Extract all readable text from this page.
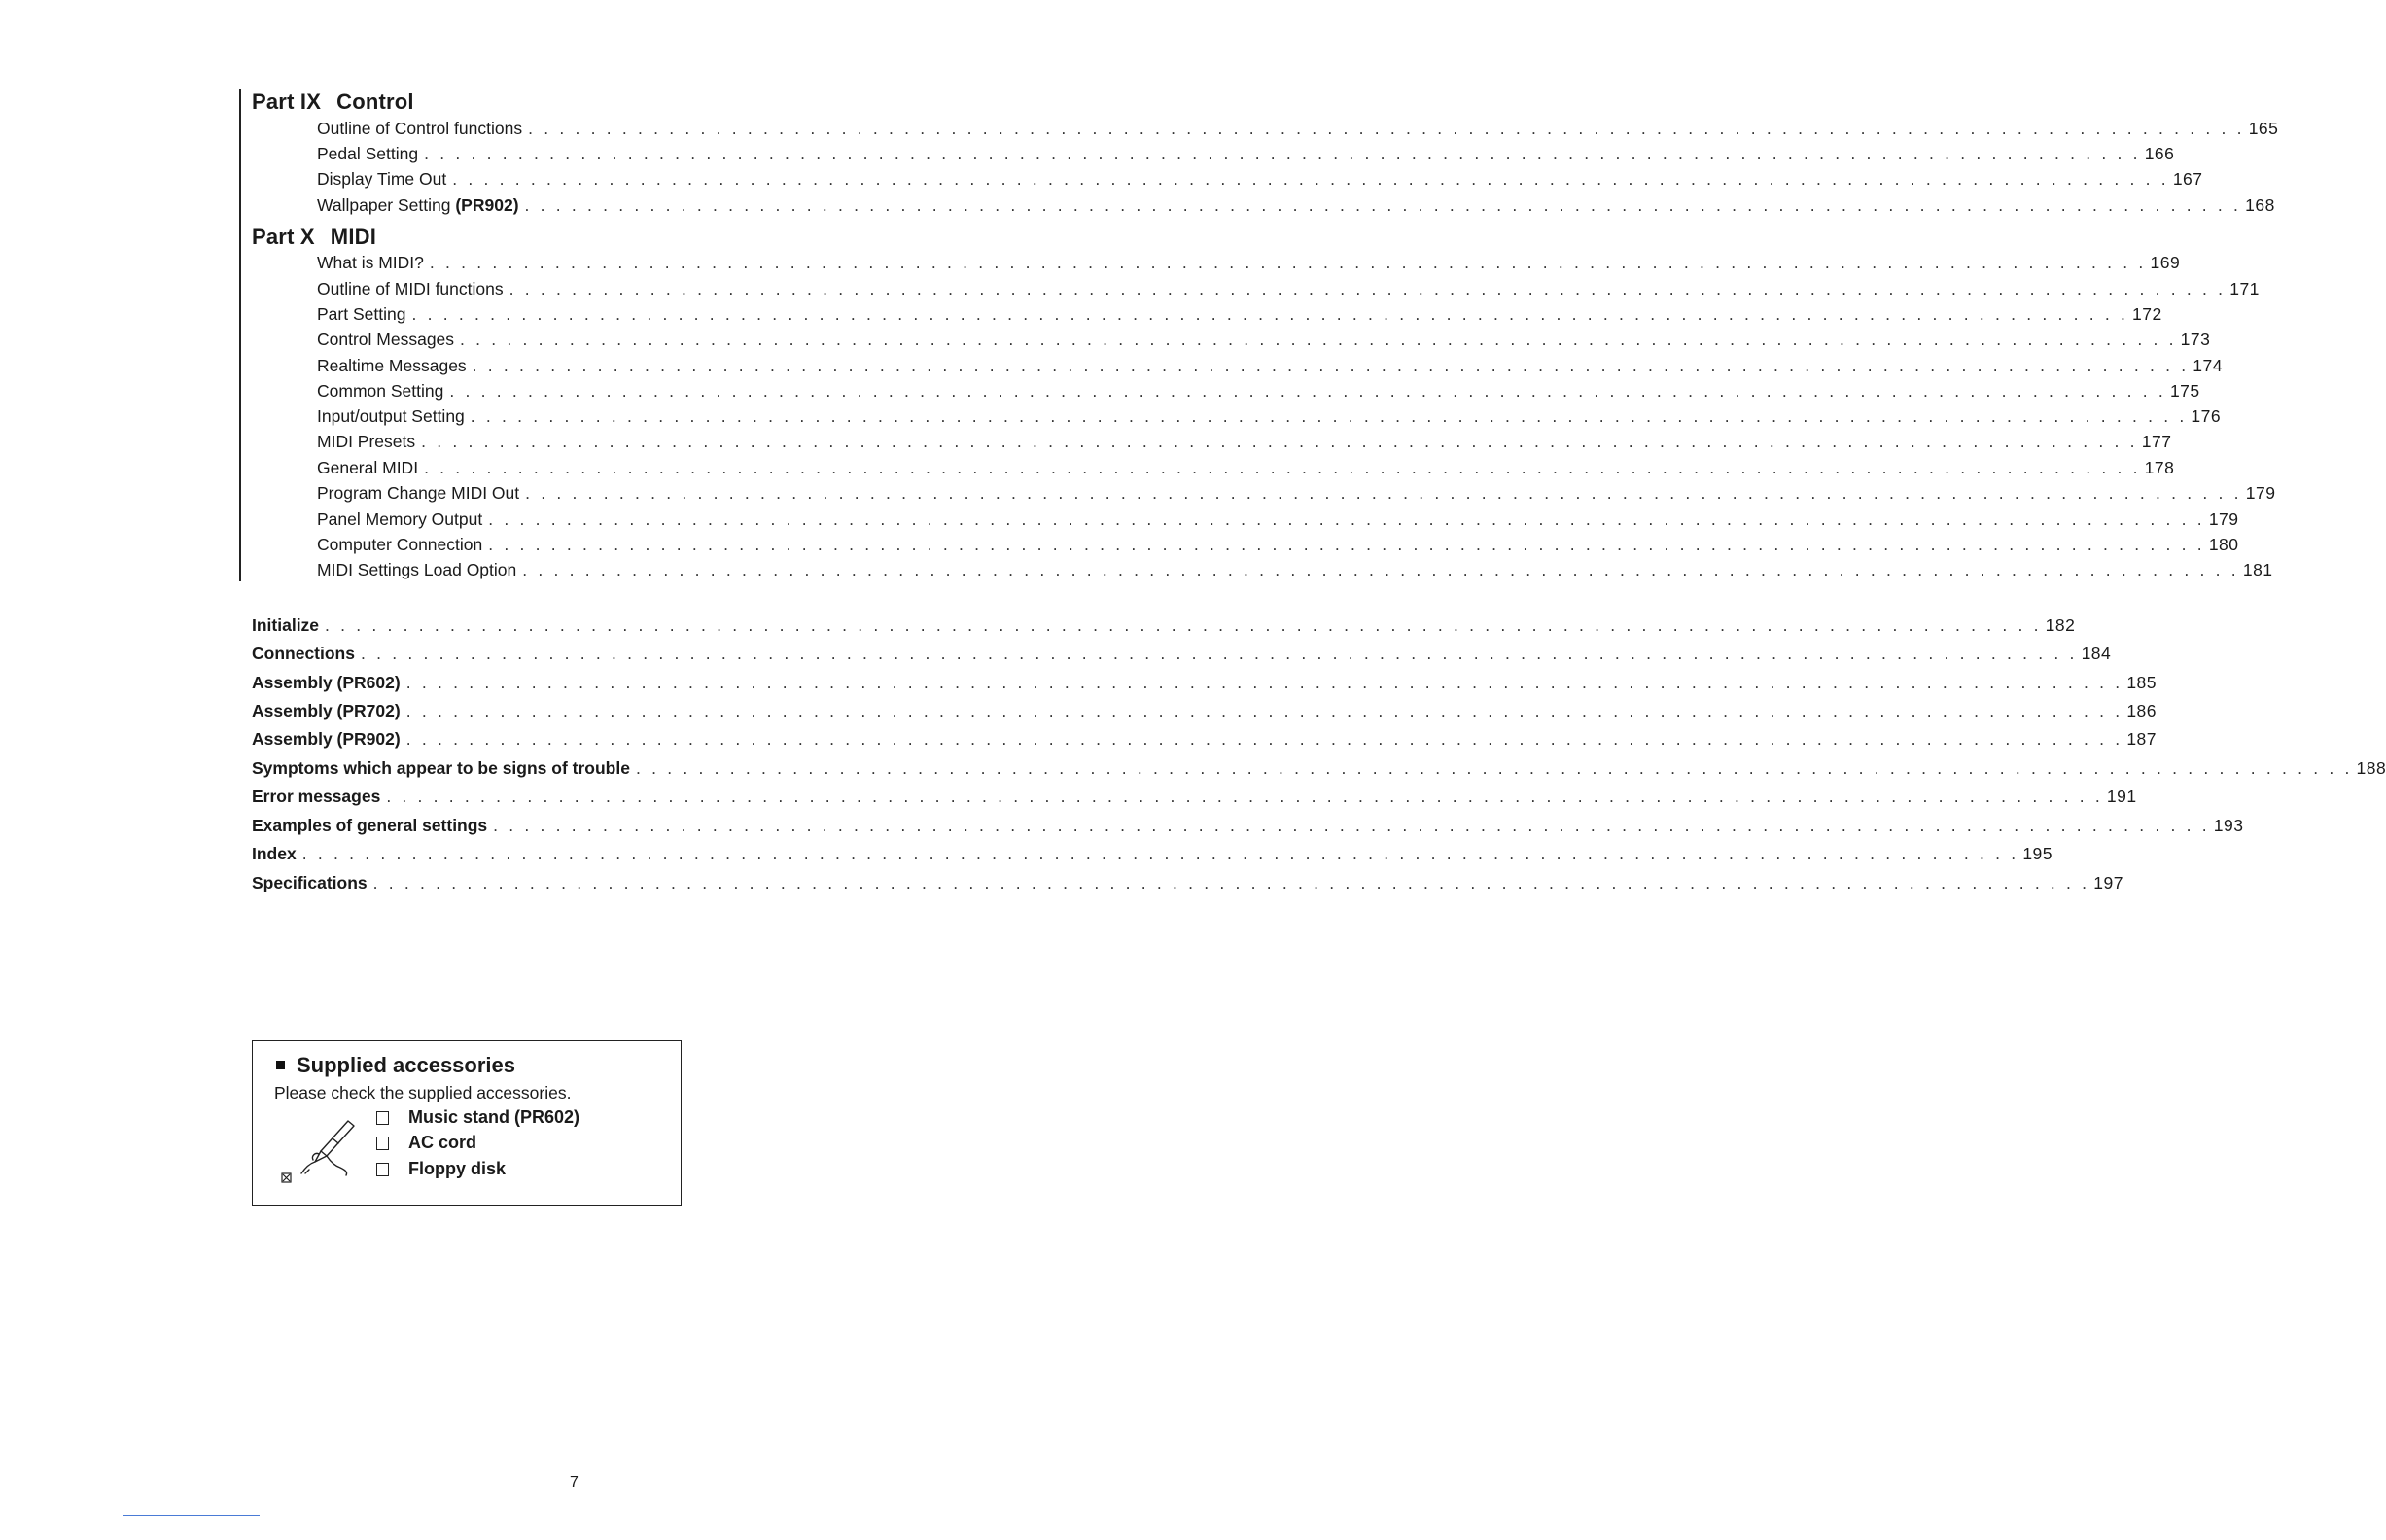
Part IX Control
Outline of Control functions . . . . . . . . . . . . . . . . . . . . . . . . . . . . . . . . . . . . . . . . . . . . . . . . . . . . . . . . . . . . . . . . . . . . . . . . . . . . . . . . . . . . . . . . . . . . . . . . . . . . . . . . . . . . . . 165
Pedal Setting . . . . . . . . . . . . . . . . . . . . . . . . . . . . . . . . . . . . . . . . . . . . . . . . . . . . . . . . . . . . . . . . . . . . . . . . . . . . . . . . . . . . . . . . . . . . . . . . . . . . . . . . . . . . . . 166
Display Time Out . . . . . . . . . . . . . . . . . . . . . . . . . . . . . . . . . . . . . . . . . . . . . . . . . . . . . . . . . . . . . . . . . . . . . . . . . . . . . . . . . . . . . . . . . . . . . . . . . . . . . . . . . . . . . . 167
Wallpaper Setting (PR902) . . . . . . . . . . . . . . . . . . . . . . . . . . . . . . . . . . . . . . . . . . . . . . . . . . . . . . . . . . . . . . . . . . . . . . . . . . . . . . . . . . . . . . . . . . . . . . . . . . . . . . . . . . . . . . 168
Part X MIDI
What is MIDI? . . . . . . . . . . . . . . . . . . . . . . . . . . . . . . . . . . . . . . . . . . . . . . . . . . . . . . . . . . . . . . . . . . . . . . . . . . . . . . . . . . . . . . . . . . . . . . . . . . . . . . . . . . . . . . 169
Outline of MIDI functions . . . . . . . . . . . . . . . . . . . . . . . . . . . . . . . . . . . . . . . . . . . . . . . . . . . . . . . . . . . . . . . . . . . . . . . . . . . . . . . . . . . . . . . . . . . . . . . . . . . . . . . . . . . . . . 171
Part Setting . . . . . . . . . . . . . . . . . . . . . . . . . . . . . . . . . . . . . . . . . . . . . . . . . . . . . . . . . . . . . . . . . . . . . . . . . . . . . . . . . . . . . . . . . . . . . . . . . . . . . . . . . . . . . . 172
Control Messages . . . . . . . . . . . . . . . . . . . . . . . . . . . . . . . . . . . . . . . . . . . . . . . . . . . . . . . . . . . . . . . . . . . . . . . . . . . . . . . . . . . . . . . . . . . . . . . . . . . . . . . . . . . . . . 173
Realtime Messages . . . . . . . . . . . . . . . . . . . . . . . . . . . . . . . . . . . . . . . . . . . . . . . . . . . . . . . . . . . . . . . . . . . . . . . . . . . . . . . . . . . . . . . . . . . . . . . . . . . . . . . . . . . . . . 174
Common Setting . . . . . . . . . . . . . . . . . . . . . . . . . . . . . . . . . . . . . . . . . . . . . . . . . . . . . . . . . . . . . . . . . . . . . . . . . . . . . . . . . . . . . . . . . . . . . . . . . . . . . . . . . . . . . . 175
Input/output Setting . . . . . . . . . . . . . . . . . . . . . . . . . . . . . . . . . . . . . . . . . . . . . . . . . . . . . . . . . . . . . . . . . . . . . . . . . . . . . . . . . . . . . . . . . . . . . . . . . . . . . . . . . . . . . . 176
MIDI Presets . . . . . . . . . . . . . . . . . . . . . . . . . . . . . . . . . . . . . . . . . . . . . . . . . . . . . . . . . . . . . . . . . . . . . . . . . . . . . . . . . . . . . . . . . . . . . . . . . . . . . . . . . . . . . . 177
General MIDI . . . . . . . . . . . . . . . . . . . . . . . . . . . . . . . . . . . . . . . . . . . . . . . . . . . . . . . . . . . . . . . . . . . . . . . . . . . . . . . . . . . . . . . . . . . . . . . . . . . . . . . . . . . . . . 178
Program Change MIDI Out . . . . . . . . . . . . . . . . . . . . . . . . . . . . . . . . . . . . . . . . . . . . . . . . . . . . . . . . . . . . . . . . . . . . . . . . . . . . . . . . . . . . . . . . . . . . . . . . . . . . . . . . . . . . . . 179
Panel Memory Output . . . . . . . . . . . . . . . . . . . . . . . . . . . . . . . . . . . . . . . . . . . . . . . . . . . . . . . . . . . . . . . . . . . . . . . . . . . . . . . . . . . . . . . . . . . . . . . . . . . . . . . . . . . . . . 179
Computer Connection . . . . . . . . . . . . . . . . . . . . . . . . . . . . . . . . . . . . . . . . . . . . . . . . . . . . . . . . . . . . . . . . . . . . . . . . . . . . . . . . . . . . . . . . . . . . . . . . . . . . . . . . . . . . . . 180
MIDI Settings Load Option . . . . . . . . . . . . . . . . . . . . . . . . . . . . . . . . . . . . . . . . . . . . . . . . . . . . . . . . . . . . . . . . . . . . . . . . . . . . . . . . . . . . . . . . . . . . . . . . . . . . . . . . . . . . . . 181
Initialize . . . . . . . . . . . . . . . . . . . . . . . . . . . . . . . . . . . . . . . . . . . . . . . . . . . . . . . . . . . . . . . . . . . . . . . . . . . . . . . . . . . . . . . . . . . . . . . . . . . . . . . . . . . . . . 182
Connections . . . . . . . . . . . . . . . . . . . . . . . . . . . . . . . . . . . . . . . . . . . . . . . . . . . . . . . . . . . . . . . . . . . . . . . . . . . . . . . . . . . . . . . . . . . . . . . . . . . . . . . . . . . . . . 184
Assembly (PR602) . . . . . . . . . . . . . . . . . . . . . . . . . . . . . . . . . . . . . . . . . . . . . . . . . . . . . . . . . . . . . . . . . . . . . . . . . . . . . . . . . . . . . . . . . . . . . . . . . . . . . . . . . . . . . . 185
Assembly (PR702) . . . . . . . . . . . . . . . . . . . . . . . . . . . . . . . . . . . . . . . . . . . . . . . . . . . . . . . . . . . . . . . . . . . . . . . . . . . . . . . . . . . . . . . . . . . . . . . . . . . . . . . . . . . . . . 186
Assembly (PR902) . . . . . . . . . . . . . . . . . . . . . . . . . . . . . . . . . . . . . . . . . . . . . . . . . . . . . . . . . . . . . . . . . . . . . . . . . . . . . . . . . . . . . . . . . . . . . . . . . . . . . . . . . . . . . . 187
Symptoms which appear to be signs of trouble . . . . . . . . . . . . . . . . . . . . . . . . . . . . . . . . . . . . . . . . . . . . . . . . . . . . . . . . . . . . . . . . . . . . . . . . . . . . . . . . . . . . . . . . . . . . . . . . . . . . . . . . . . . . . . 188
Error messages . . . . . . . . . . . . . . . . . . . . . . . . . . . . . . . . . . . . . . . . . . . . . . . . . . . . . . . . . . . . . . . . . . . . . . . . . . . . . . . . . . . . . . . . . . . . . . . . . . . . . . . . . . . . . . 191
Examples of general settings . . . . . . . . . . . . . . . . . . . . . . . . . . . . . . . . . . . . . . . . . . . . . . . . . . . . . . . . . . . . . . . . . . . . . . . . . . . . . . . . . . . . . . . . . . . . . . . . . . . . . . . . . . . . . . 193
Index . . . . . . . . . . . . . . . . . . . . . . . . . . . . . . . . . . . . . . . . . . . . . . . . . . . . . . . . . . . . . . . . . . . . . . . . . . . . . . . . . . . . . . . . . . . . . . . . . . . . . . . . . . . . . . 195
Specifications . . . . . . . . . . . . . . . . . . . . . . . . . . . . . . . . . . . . . . . . . . . . . . . . . . . . . . . . . . . . . . . . . . . . . . . . . . . . . . . . . . . . . . . . . . . . . . . . . . . . . . . . . . . . . . 197
Supplied accessories
Please check the supplied accessories.
Music stand (PR602)
AC cord
Floppy disk
7
